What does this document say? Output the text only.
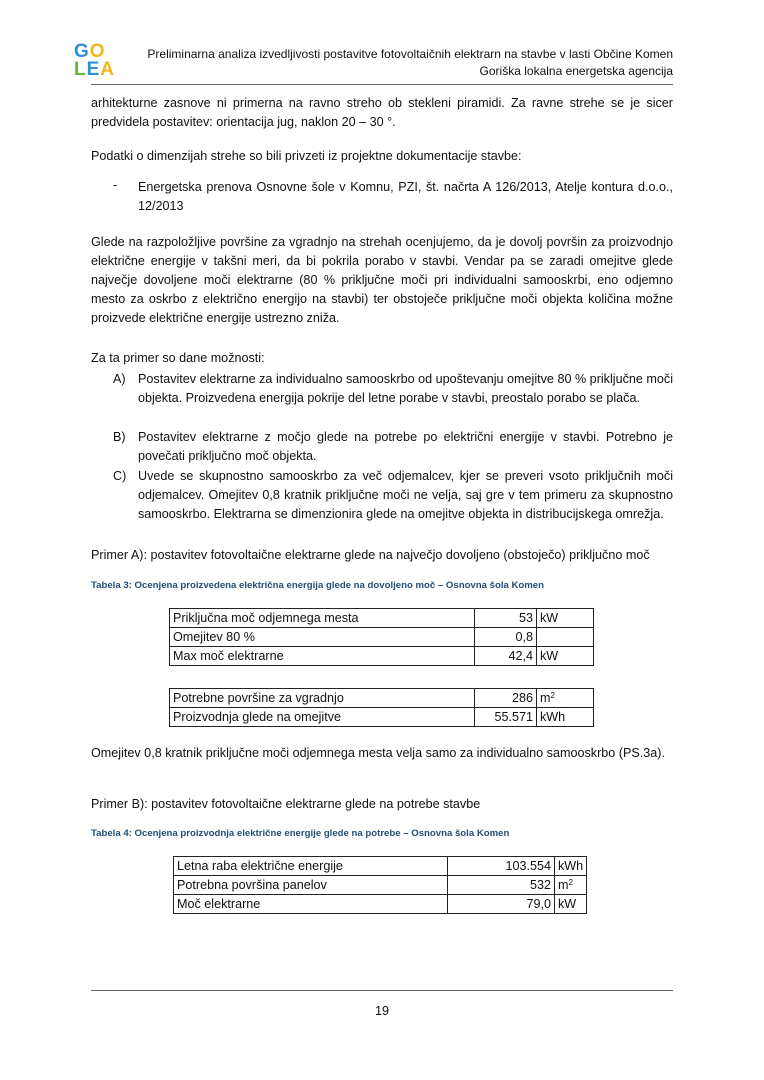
GO
LEA
Preliminarna analiza izvedljivosti postavitve fotovoltaičnih elektrarn na stavbe v lasti Občine Komen
Goriška lokalna energetska agencija
arhitekturne zasnove ni primerna na ravno streho ob stekleni piramidi. Za ravne strehe se je sicer predvidela postavitev: orientacija jug, naklon 20 – 30 °.
Podatki o dimenzijah strehe so bili privzeti iz projektne dokumentacije stavbe:
- Energetska prenova Osnovne šole v Komnu, PZI, št. načrta A 126/2013, Atelje kontura d.o.o., 12/2013
Glede na razpoložljive površine za vgradnjo na strehah ocenjujemo, da je dovolj površin za proizvodnjo električne energije v takšni meri, da bi pokrila porabo v stavbi. Vendar pa se zaradi omejitve glede največje dovoljene moči elektrarne (80 % priključne moči pri individualni samooskrbi, eno odjemno mesto za oskrbo z električno energijo na stavbi) ter obstoječe priključne moči objekta količina možne proizvede električne energije ustrezno zniža.
Za ta primer so dane možnosti:
A) Postavitev elektrarne za individualno samooskrbo od upoštevanju omejitve 80 % priključne moči objekta. Proizvedena energija pokrije del letne porabe v stavbi, preostalo porabo se plača.
B) Postavitev elektrarne z močjo glede na potrebe po električni energije v stavbi. Potrebno je povečati priključno moč objekta.
C) Uvede se skupnostno samooskrbo za več odjemalcev, kjer se preveri vsoto priključnih moči odjemalcev. Omejitev 0,8 kratnik priključne moči ne velja, saj gre v tem primeru za skupnostno samooskrbo. Elektrarna se dimenzionira glede na omejitve objekta in distribucijskega omrežja.
Primer A): postavitev fotovoltaične elektrarne glede na največjo dovoljeno (obstoječo) priključno moč
Tabela 3: Ocenjena proizvedena električna energija glede na dovoljeno moč – Osnovna šola Komen
Priključna moč odjemnega mesta	53	kW
Omejitev 80 %	0,8	
Max moč elektrarne	42,4	kW
Potrebne površine za vgradnjo	286	$m^2$
Proizvodnja glede na omejitve	55.571	kWh
Omejitev 0,8 kratnik priključne moči odjemnega mesta velja samo za individualno samooskrbo (PS.3a).
Primer B): postavitev fotovoltaične elektrarne glede na potrebe stavbe
Tabela 4: Ocenjena proizvodnja električne energije glede na potrebe – Osnovna šola Komen
Letna raba električne energije	103.554	kWh
Potrebna površina panelov	532	$m^2$
Moč elektrarne	79,0	kW
19
